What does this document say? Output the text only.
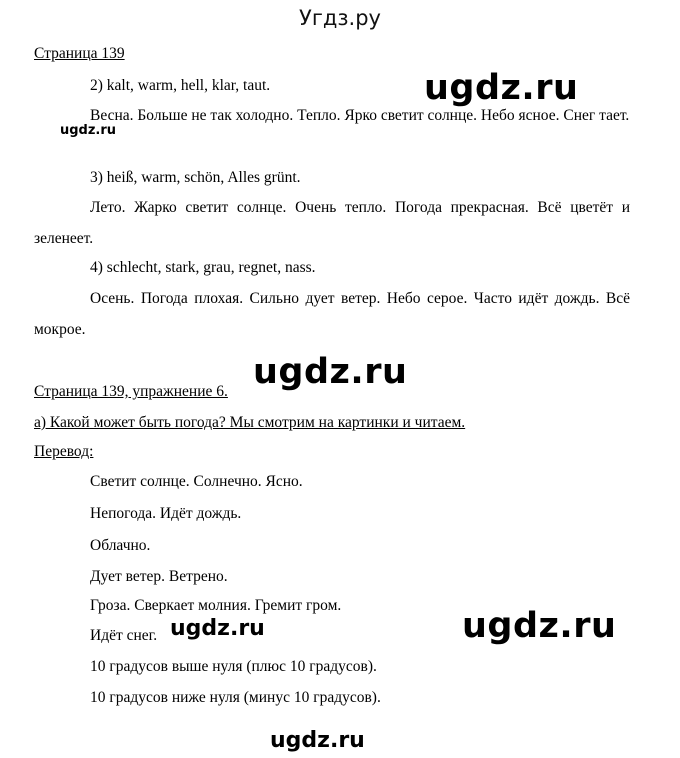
Угдз.ру
Страница 139
2) kalt, warm, hell, klar, taut.
Весна. Больше не так холодно. Тепло. Ярко светит солнце. Небо ясное. Снег тает.
3) heiß, warm, schön, Alles grünt.
Лето. Жарко светит солнце. Очень тепло. Погода прекрасная. Всё цветёт и зеленеет.
4) schlecht, stark, grau, regnet, nass.
Осень. Погода плохая. Сильно дует ветер. Небо серое. Часто идёт дождь. Всё мокрое.
Страница 139, упражнение 6.
а) Какой может быть погода? Мы смотрим на картинки и читаем.
Перевод:
Светит солнце. Солнечно. Ясно.
Непогода. Идёт дождь.
Облачно.
Дует ветер. Ветрено.
Гроза. Сверкает молния. Гремит гром.
Идёт снег.
10 градусов выше нуля (плюс 10 градусов).
10 градусов ниже нуля (минус 10 градусов).
ugdz.ru
ugdz.ru
ugdz.ru
ugdz.ru	ugdz.ru
ugdz.ru
